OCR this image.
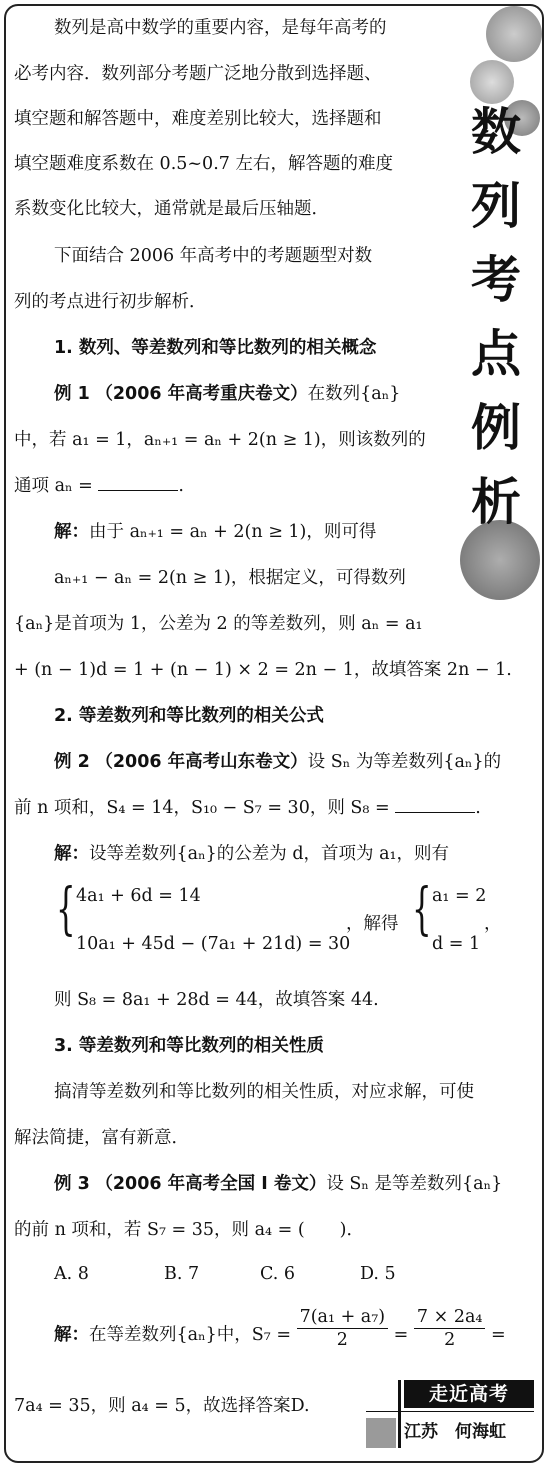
数
列
考
点
例
析
数列是高中数学的重要内容，是每年高考的
必考内容．数列部分考题广泛地分散到选择题、
填空题和解答题中，难度差别比较大，选择题和
填空题难度系数在 0.5~0.7 左右，解答题的难度
系数变化比较大，通常就是最后压轴题．
下面结合 2006 年高考中的考题题型对数
列的考点进行初步解析．
1. 数列、等差数列和等比数列的相关概念
例 1 （2006 年高考重庆卷文）在数列{aₙ}
中，若 a₁ = 1，aₙ₊₁ = aₙ + 2(n ≥ 1)，则该数列的
通项 aₙ =	.
解：由于 aₙ₊₁ = aₙ + 2(n ≥ 1)，则可得
aₙ₊₁ − aₙ = 2(n ≥ 1)，根据定义，可得数列
{aₙ}是首项为 1，公差为 2 的等差数列，则 aₙ = a₁
+ (n − 1)d = 1 + (n − 1) × 2 = 2n − 1，故填答案 2n − 1.
2. 等差数列和等比数列的相关公式
例 2 （2006 年高考山东卷文）设 Sₙ 为等差数列{aₙ}的
前 n 项和，S₄ = 14，S₁₀ − S₇ = 30，则 S₈ =	.
解：设等差数列{aₙ}的公差为 d，首项为 a₁，则有
{ 4a₁ + 6d = 14
10a₁ + 45d − (7a₁ + 21d) = 30
，解得 { a₁ = 2
d = 1
，
则 S₈ = 8a₁ + 28d = 44，故填答案 44.
3. 等差数列和等比数列的相关性质
搞清等差数列和等比数列的相关性质，对应求解，可使
解法简捷，富有新意．
例 3 （2006 年高考全国 Ⅰ 卷文）设 Sₙ 是等差数列{aₙ}
的前 n 项和，若 S₇ = 35，则 a₄ = (　　)．
A. 8	B. 7	C. 6	D. 5
解：在等差数列{aₙ}中，$S_7 = \frac{\text{7(a₁ + a₇)}}{2} = \frac{\text{7 × 2a₄}}{2}$ =
7a₄ = 35，则 a₄ = 5，故选择答案D.
走近高考
江苏　何海虹
